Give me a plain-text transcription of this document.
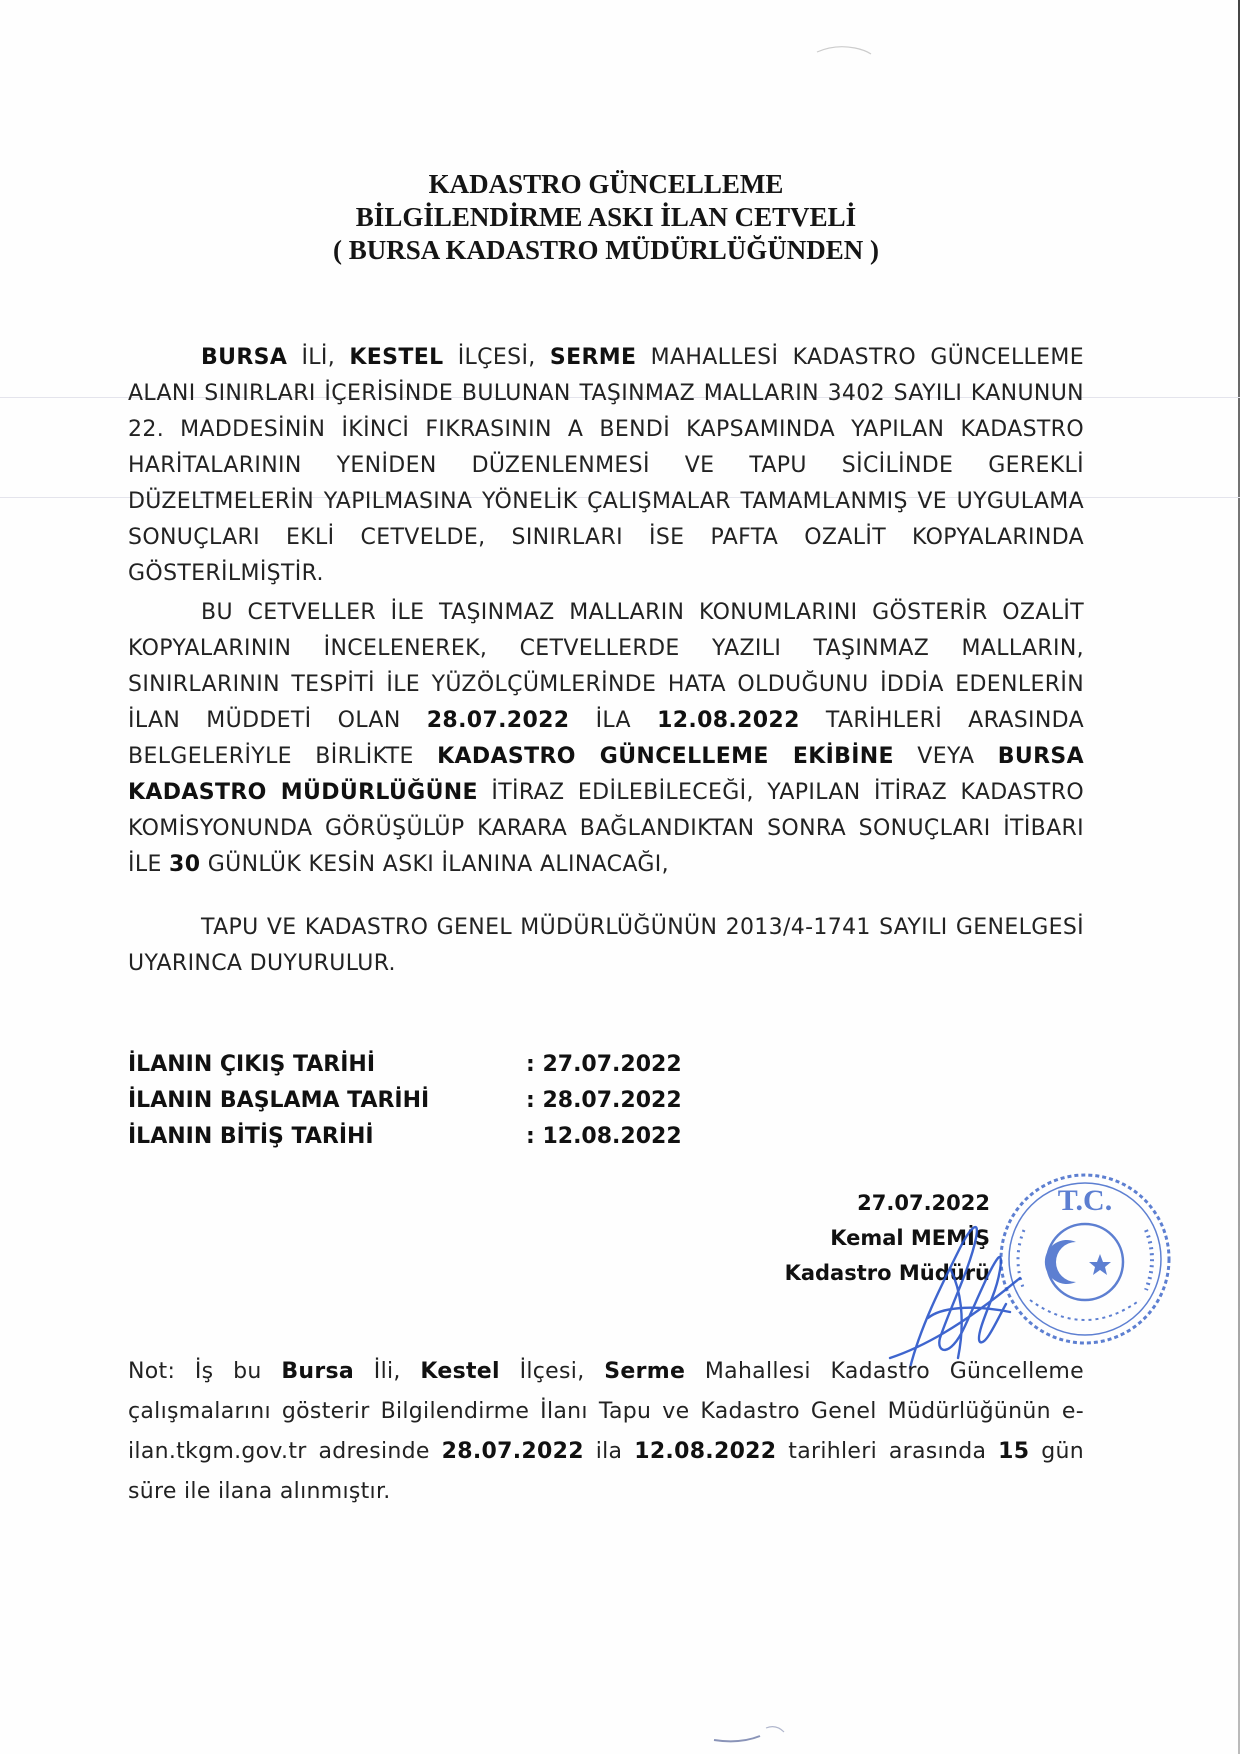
KADASTRO GÜNCELLEME
BİLGİLENDİRME ASKI İLAN CETVELİ
( BURSA KADASTRO MÜDÜRLÜĞÜNDEN )

BURSA İLİ, KESTEL İLÇESİ, SERME MAHALLESİ KADASTRO GÜNCELLEME ALANI SINIRLARI İÇERİSİNDE BULUNAN TAŞINMAZ MALLARIN 3402 SAYILI KANUNUN 22. MADDESİNİN İKİNCİ FIKRASININ A BENDİ KAPSAMINDA YAPILAN KADASTRO HARİTALARININ YENİDEN DÜZENLENMESİ VE TAPU SİCİLİNDE GEREKLİ DÜZELTMELERİN YAPILMASINA YÖNELİK ÇALIŞMALAR TAMAMLANMIŞ VE UYGULAMA SONUÇLARI EKLİ CETVELDE, SINIRLARI İSE PAFTA OZALİT KOPYALARINDA GÖSTERİLMİŞTİR.

BU CETVELLER İLE TAŞINMAZ MALLARIN KONUMLARINI GÖSTERİR OZALİT KOPYALARININ İNCELENEREK, CETVELLERDE YAZILI TAŞINMAZ MALLARIN, SINIRLARININ TESPİTİ İLE YÜZÖLÇÜMLERİNDE HATA OLDUĞUNU İDDİA EDENLERİN İLAN MÜDDETİ OLAN 28.07.2022 İLA 12.08.2022 TARİHLERİ ARASINDA BELGELERİYLE BİRLİKTE KADASTRO GÜNCELLEME EKİBİNE VEYA BURSA KADASTRO MÜDÜRLÜĞÜNE İTİRAZ EDİLEBİLECEĞİ, YAPILAN İTİRAZ KADASTRO KOMİSYONUNDA GÖRÜŞÜLÜP KARARA BAĞLANDIKTAN SONRA SONUÇLARI İTİBARI İLE 30 GÜNLÜK KESİN ASKI İLANINA ALINACAĞI,

TAPU VE KADASTRO GENEL MÜDÜRLÜĞÜNÜN 2013/4-1741 SAYILI GENELGESİ UYARINCA DUYURULUR.

İLANIN ÇIKIŞ TARİHİ	: 27.07.2022
İLANIN BAŞLAMA TARİHİ	: 28.07.2022
İLANIN BİTİŞ TARİHİ	: 12.08.2022
27.07.2022
Kemal MEMİŞ
Kadastro Müdürü
T.C.
Not: İş bu Bursa İli, Kestel İlçesi, Serme Mahallesi Kadastro Güncelleme çalışmalarını gösterir Bilgilendirme İlanı Tapu ve Kadastro Genel Müdürlüğünün e-ilan.tkgm.gov.tr adresinde 28.07.2022 ila 12.08.2022 tarihleri arasında 15 gün süre ile ilana alınmıştır.
